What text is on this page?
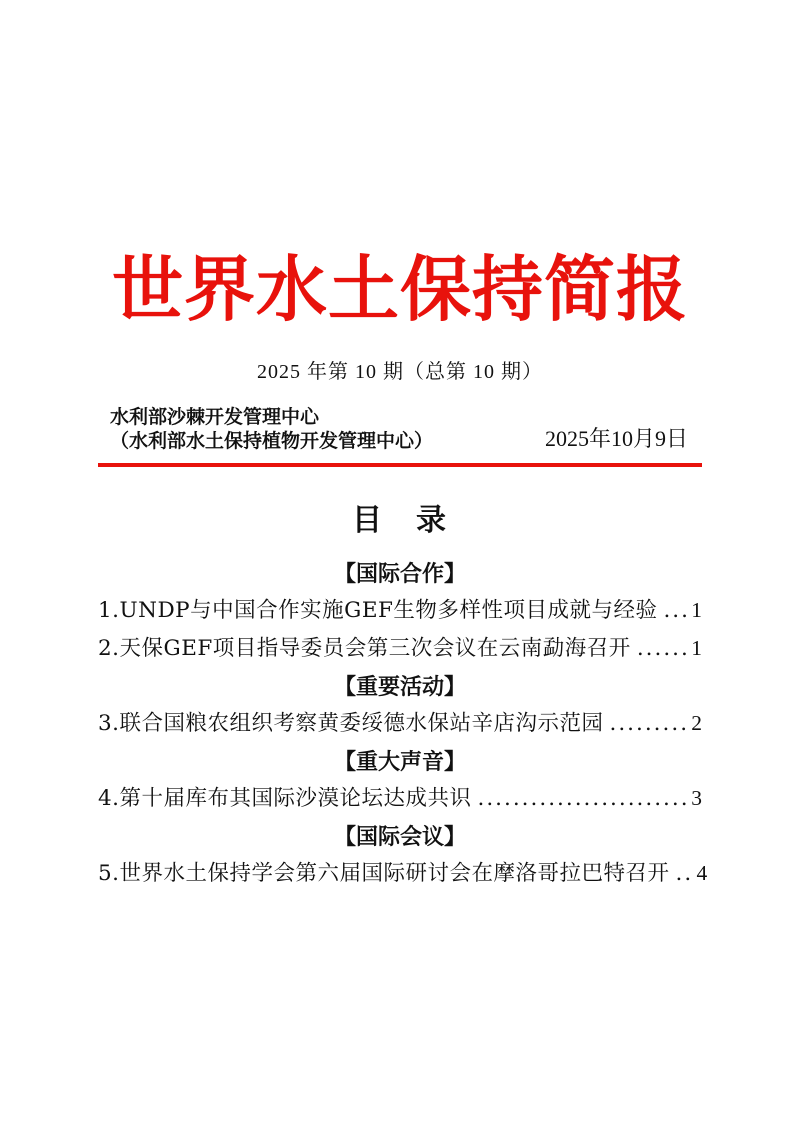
世界水土保持简报
2025 年第 10 期（总第 10 期）
水利部沙棘开发管理中心
（水利部水土保持植物开发管理中心）	2025年10月9日
目　录
【国际合作】
1.UNDP与中国合作实施GEF生物多样性项目成就与经验 ..... 1
2.天保GEF项目指导委员会第三次会议在云南勐海召开 .....	1
【重要活动】
3.联合国粮农组织考察黄委绥德水保站辛店沟示范园 .....	2
【重大声音】
4.第十届库布其国际沙漠论坛达成共识 .....	3
【国际会议】
5.世界水土保持学会第六届国际研讨会在摩洛哥拉巴特召开 ..... 4
